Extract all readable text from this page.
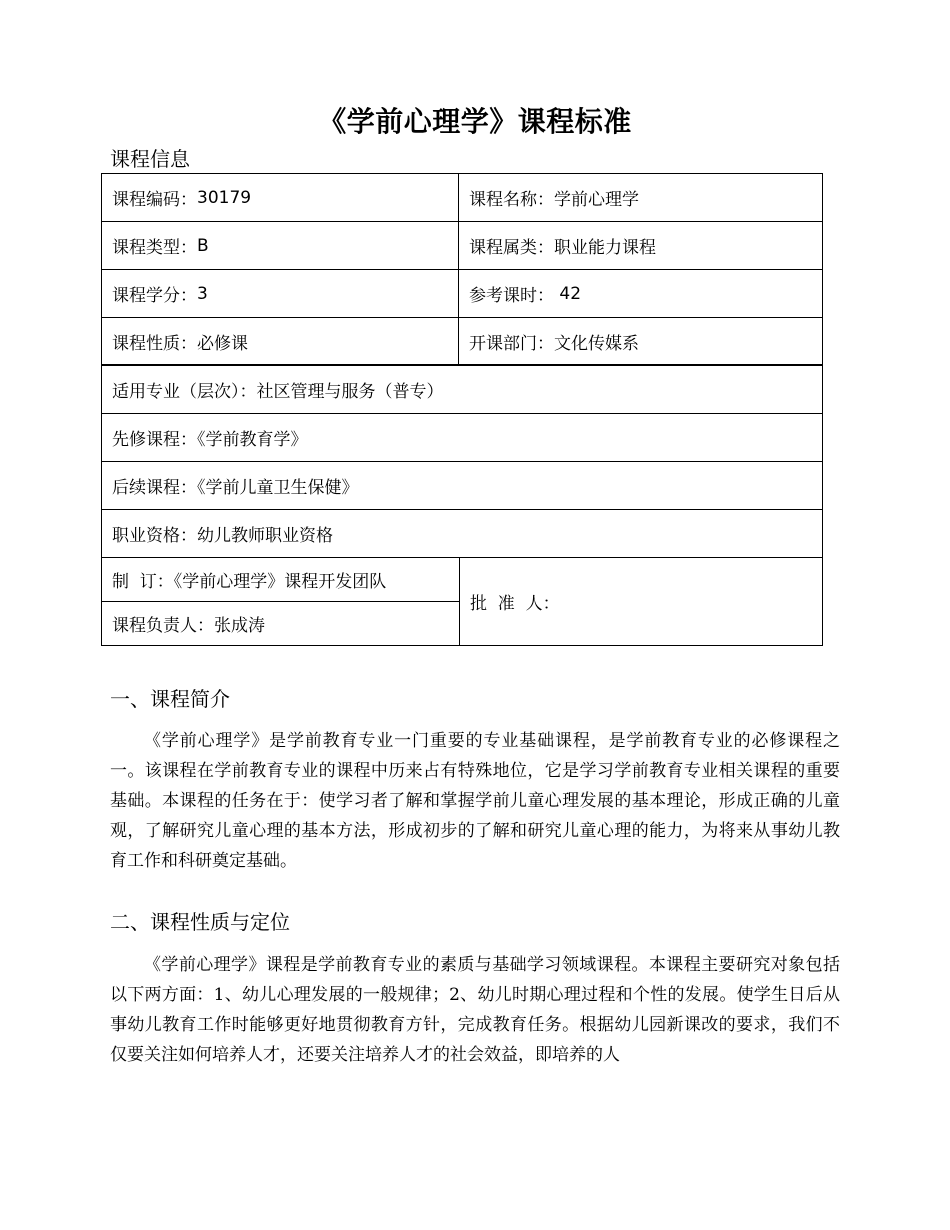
《学前心理学》课程标准
课程信息
课程编码： 30179	课程名称： 学前心理学
课程类型： B	课程属类： 职业能力课程
课程学分： 3	参考课时： 42
课程性质： 必修课	开课部门： 文化传媒系
适用专业（层次）：社区管理与服务（普专）
先修课程：《学前教育学》
后续课程：《学前儿童卫生保健》
职业资格：幼儿教师职业资格
制  订：《学前心理学》课程开发团队
课程负责人：张成涛
批  准  人：
一、课程简介
《学前心理学》是学前教育专业一门重要的专业基础课程，是学前教育专业的必修课程之一。该课程在学前教育专业的课程中历来占有特殊地位，它是学习学前教育专业相关课程的重要基础。本课程的任务在于：使学习者了解和掌握学前儿童心理发展的基本理论，形成正确的儿童观，了解研究儿童心理的基本方法，形成初步的了解和研究儿童心理的能力，为将来从事幼儿教育工作和科研奠定基础。
二、课程性质与定位
《学前心理学》课程是学前教育专业的素质与基础学习领域课程。本课程主要研究对象包括以下两方面：1、幼儿心理发展的一般规律；2、幼儿时期心理过程和个性的发展。使学生日后从事幼儿教育工作时能够更好地贯彻教育方针，完成教育任务。根据幼儿园新课改的要求，我们不仅要关注如何培养人才，还要关注培养人才的社会效益，即培养的人
